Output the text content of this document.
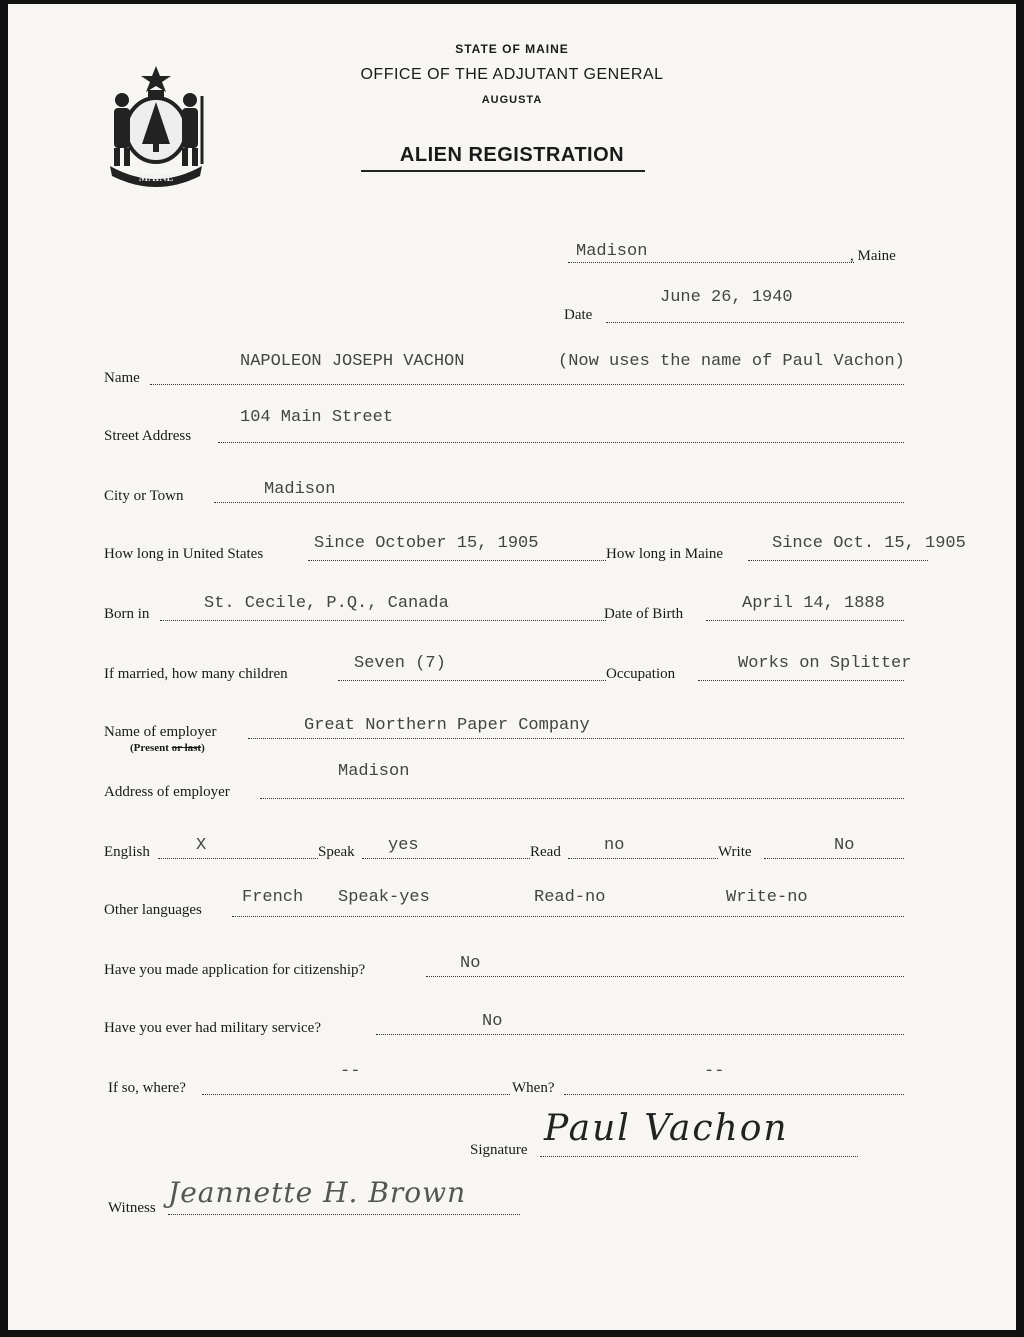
MAINE
STATE OF MAINE
OFFICE OF THE ADJUTANT GENERAL
AUGUSTA
ALIEN REGISTRATION
Madison	, Maine
Date
June 26, 1940
Name
NAPOLEON JOSEPH VACHON	(Now uses the name of Paul Vachon)
Street Address
104 Main Street
City or Town	Madison
How long in United States
Since October 15, 1905
How long in Maine
Since Oct. 15, 1905
Born in
St. Cecile, P.Q., Canada
Date of Birth
April 14, 1888
If married, how many children
Seven (7)
Occupation
Works on Splitter
Name of employer
(Present or last)
Great Northern Paper Company
Address of employer
Madison
English	X	Speak yes	Read	no	Write	No
Other languages
French Speak-yes	Read-no	Write-no
Have you made application for citizenship?	No
Have you ever had military service?	No
If so, where?
--
When?
--
Signature
Paul Vachon
Witness Jeannette H. Brown
